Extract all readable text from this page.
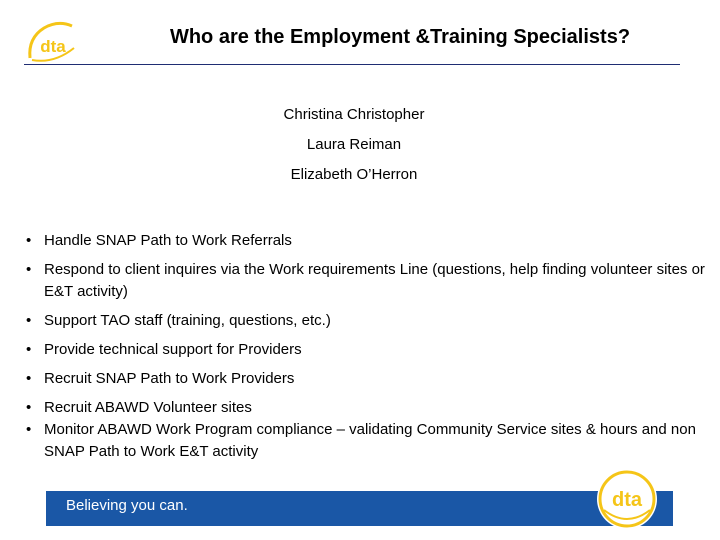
dta	Who are the Employment &Training Specialists?
Christina Christopher
Laura Reiman
Elizabeth O’Herron
• Handle SNAP Path to Work Referrals
• Respond to client inquires via the Work requirements Line (questions, help finding volunteer sites or E&T activity)
• Support TAO staff (training, questions, etc.)
• Provide technical support for Providers
• Recruit SNAP Path to Work Providers
• Recruit ABAWD Volunteer sites
• Monitor ABAWD Work Program compliance – validating Community Service sites & hours and non SNAP Path to Work E&T activity
Believing you can.	dta
